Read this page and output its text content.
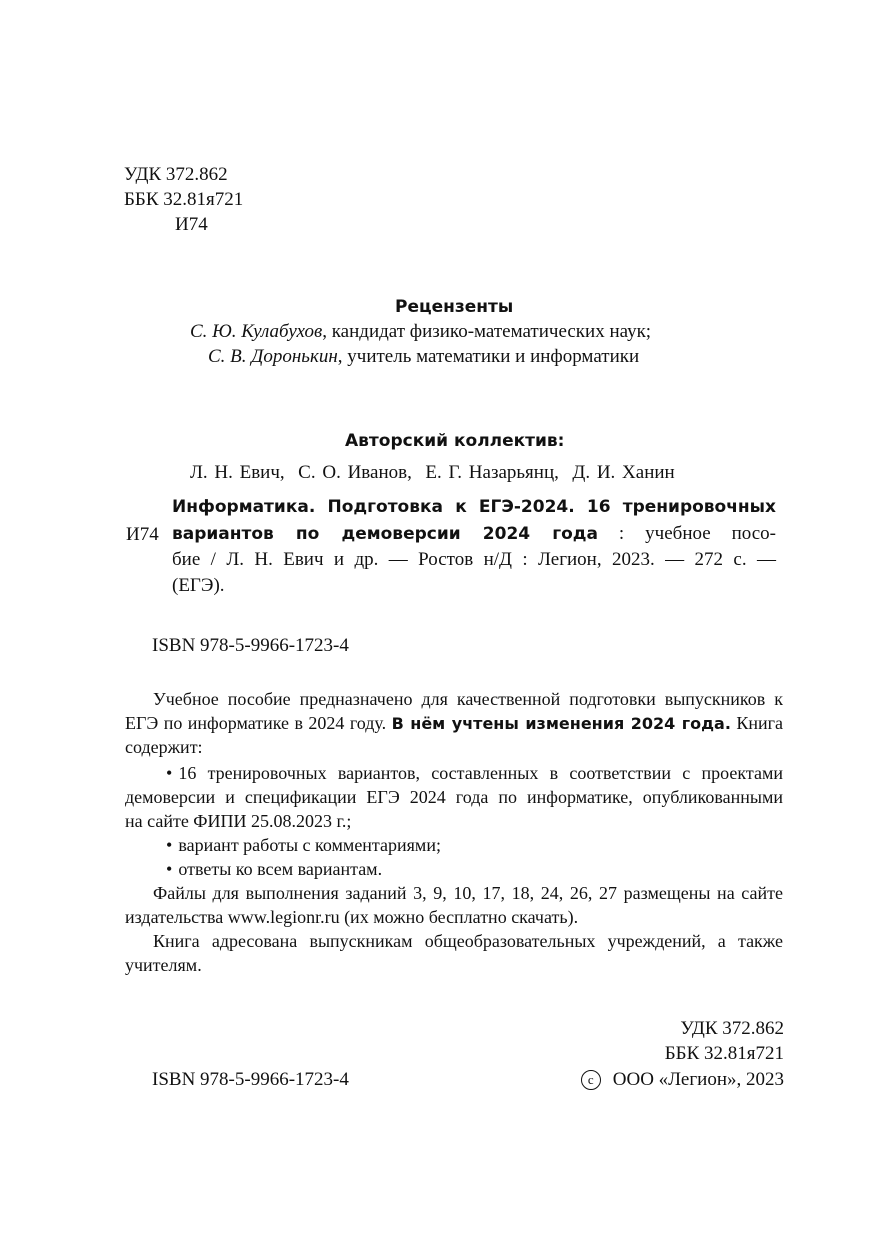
УДК 372.862
ББК 32.81я721
И74
Рецензенты
С. Ю. Кулабухов, кандидат физико-математических наук;
С. В. Доронькин, учитель математики и информатики
Авторский коллектив:
Л. Н. Евич, С. О. Иванов, Е. Г. Назарьянц, Д. И. Ханин
И74
Информатика. Подготовка к ЕГЭ-2024. 16 тренировочных
вариантов по демоверсии 2024 года : учебное посо-
бие / Л. Н. Евич и др. — Ростов н/Д : Легион, 2023. — 272 с. —
(ЕГЭ).
ISBN 978-5-9966-1723-4
Учебное пособие предназначено для качественной подготовки выпускников к
ЕГЭ по информатике в 2024 году. В нём учтены изменения 2024 года. Книга
содержит:
• 16 тренировочных вариантов, составленных в соответствии с проектами
демоверсии и спецификации ЕГЭ 2024 года по информатике, опубликованными
на сайте ФИПИ 25.08.2023 г.;
• вариант работы с комментариями;
• ответы ко всем вариантам.
Файлы для выполнения заданий 3, 9, 10, 17, 18, 24, 26, 27 размещены на сайте
издательства www.legionr.ru (их можно бесплатно скачать).
Книга адресована выпускникам общеобразовательных учреждений, а также
учителям.
УДК 372.862
ББК 32.81я721
ISBN 978-5-9966-1723-4	c ООО «Легион», 2023
